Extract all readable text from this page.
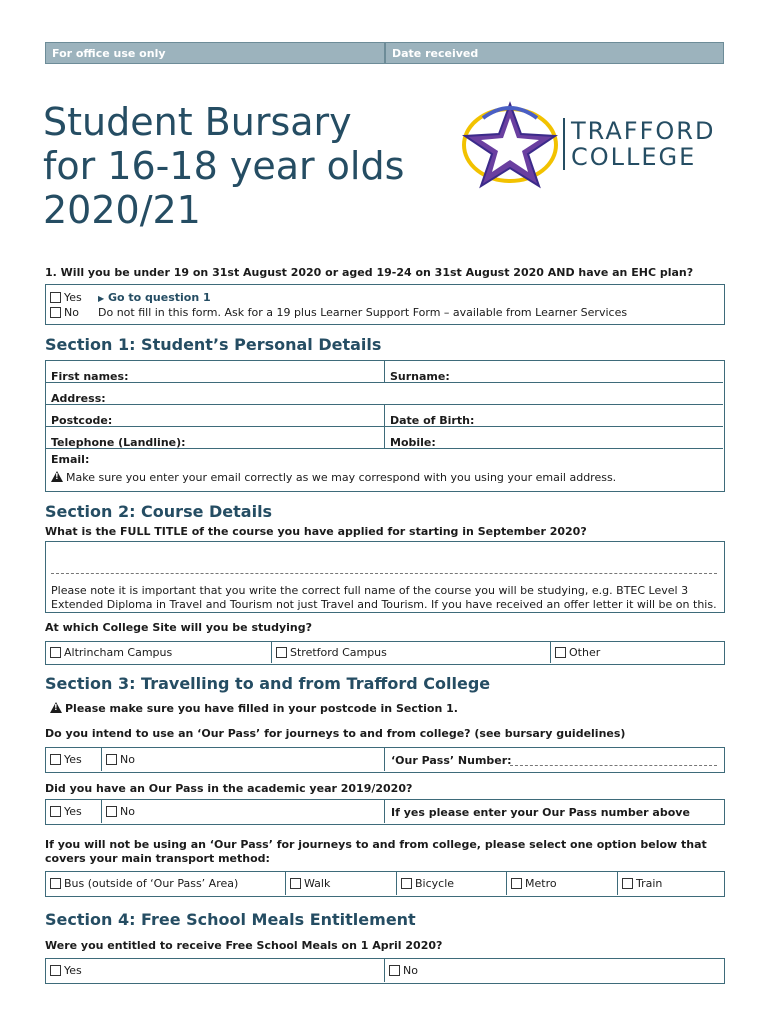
For office use only	Date received
Student Bursary
for 16-18 year olds
2020/21
TRAFFORD
COLLEGE
1. Will you be under 19 on 31st August 2020 or aged 19-24 on 31st August 2020 AND have an EHC plan?
Yes
No
▶ Go to question 1
Do not fill in this form. Ask for a 19 plus Learner Support Form – available from Learner Services
Section 1: Student’s Personal Details
First names:	Surname:
Address:
Postcode:	Date of Birth:
Telephone (Landline):	Mobile:
Email:
!Make sure you enter your email correctly as we may correspond with you using your email address.
Section 2: Course Details
What is the FULL TITLE of the course you have applied for starting in September 2020?
Please note it is important that you write the correct full name of the course you will be studying, e.g. BTEC Level 3
Extended Diploma in Travel and Tourism not just Travel and Tourism. If you have received an offer letter it will be on this.
At which College Site will you be studying?
Altrincham Campus	Stretford Campus	Other
Section 3: Travelling to and from Trafford College
!Please make sure you have filled in your postcode in Section 1.
Do you intend to use an ‘Our Pass’ for journeys to and from college? (see bursary guidelines)
Yes	No	‘Our Pass’ Number:
Did you have an Our Pass in the academic year 2019/2020?
Yes	No	If yes please enter your Our Pass number above
If you will not be using an ‘Our Pass’ for journeys to and from college, please select one option below that
covers your main transport method:
Bus (outside of ‘Our Pass’ Area)	Walk	Bicycle	Metro	Train
Section 4: Free School Meals Entitlement
Were you entitled to receive Free School Meals on 1 April 2020?
Yes	No
